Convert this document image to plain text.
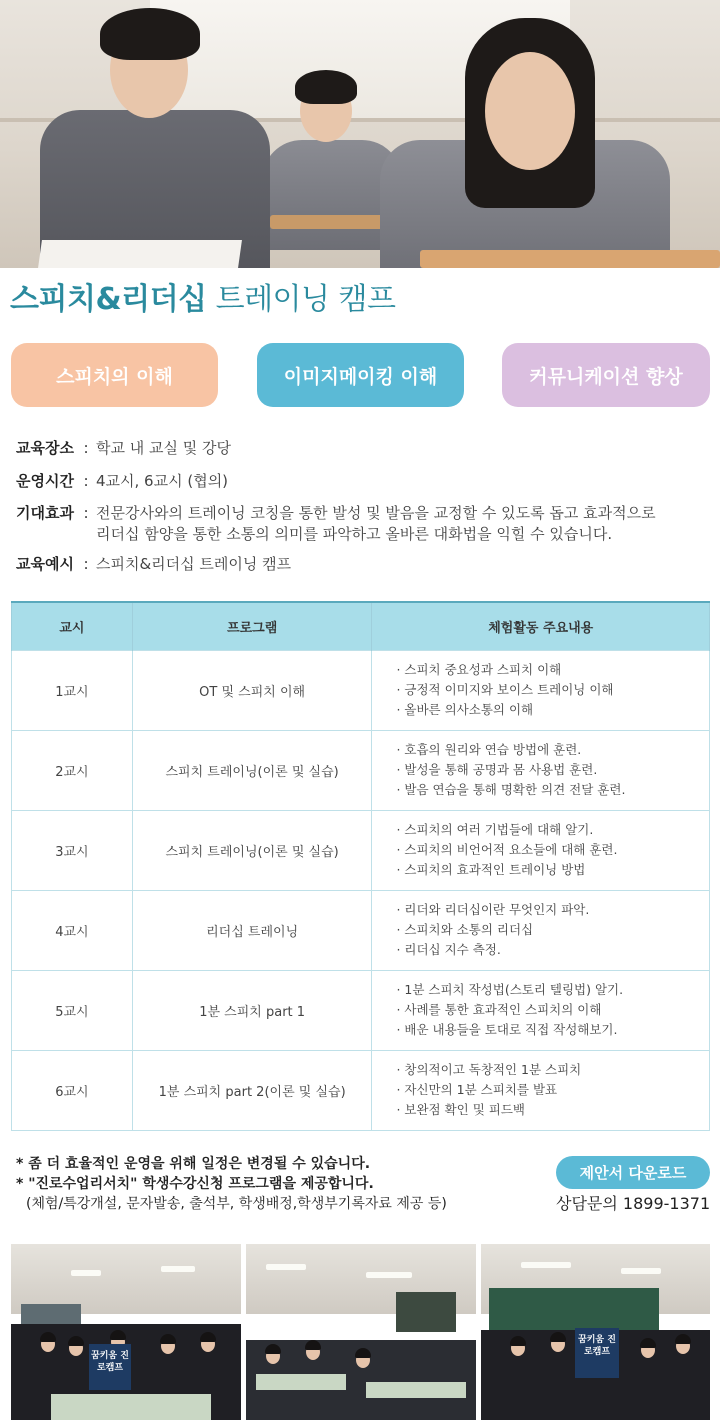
스피치&리더십 트레이닝 캠프
스피치의 이해	이미지메이킹 이해	커뮤니케이션 향상
교육장소 : 학교 내 교실 및 강당
운영시간 : 4교시, 6교시 (협의)
기대효과 : 전문강사와의 트레이닝 코칭을 통한 발성 및 발음을 교정할 수 있도록 돕고 효과적으로
리더십 함양을 통한 소통의 의미를 파악하고 올바른 대화법을 익힐 수 있습니다.
교육예시 : 스피치&리더십 트레이닝 캠프
교시	프로그램	체험활동 주요내용
1교시	OT 및 스피치 이해	· 스피치 중요성과 스피치 이해
· 긍정적 이미지와 보이스 트레이닝 이해
· 올바른 의사소통의 이해

2교시	스피치 트레이닝(이론 및 실습)	· 호흡의 원리와 연습 방법에 훈련.
· 발성을 통해 공명과 몸 사용법 훈련.
· 발음 연습을 통해 명확한 의견 전달 훈련.

3교시	스피치 트레이닝(이론 및 실습)	· 스피치의 여러 기법들에 대해 알기.
· 스피치의 비언어적 요소들에 대해 훈련.
· 스피치의 효과적인 트레이닝 방법

4교시	리더십 트레이닝	· 리더와 리더십이란 무엇인지 파악.
· 스피치와 소통의 리더십
· 리더십 지수 측정.

5교시	1분 스피치 part 1	· 1분 스피치 작성법(스토리 텔링법) 알기.
· 사례를 통한 효과적인 스피치의 이해
· 배운 내용들을 토대로 직접 작성해보기.

6교시	1분 스피치 part 2(이론 및 실습)	· 창의적이고 독창적인 1분 스피치
· 자신만의 1분 스피치를 발표
· 보완점 확인 및 피드백
* 좀 더 효율적인 운영을 위해 일정은 변경될 수 있습니다.
* "진로수업리서치" 학생수강신청 프로그램을 제공합니다.
(체험/특강개설, 문자발송, 출석부, 학생배정,학생부기록자료 제공 등)
제안서 다운로드
상담문의 1899-1371
꿈키움 진로캠프
꿈키움 진로캠프
